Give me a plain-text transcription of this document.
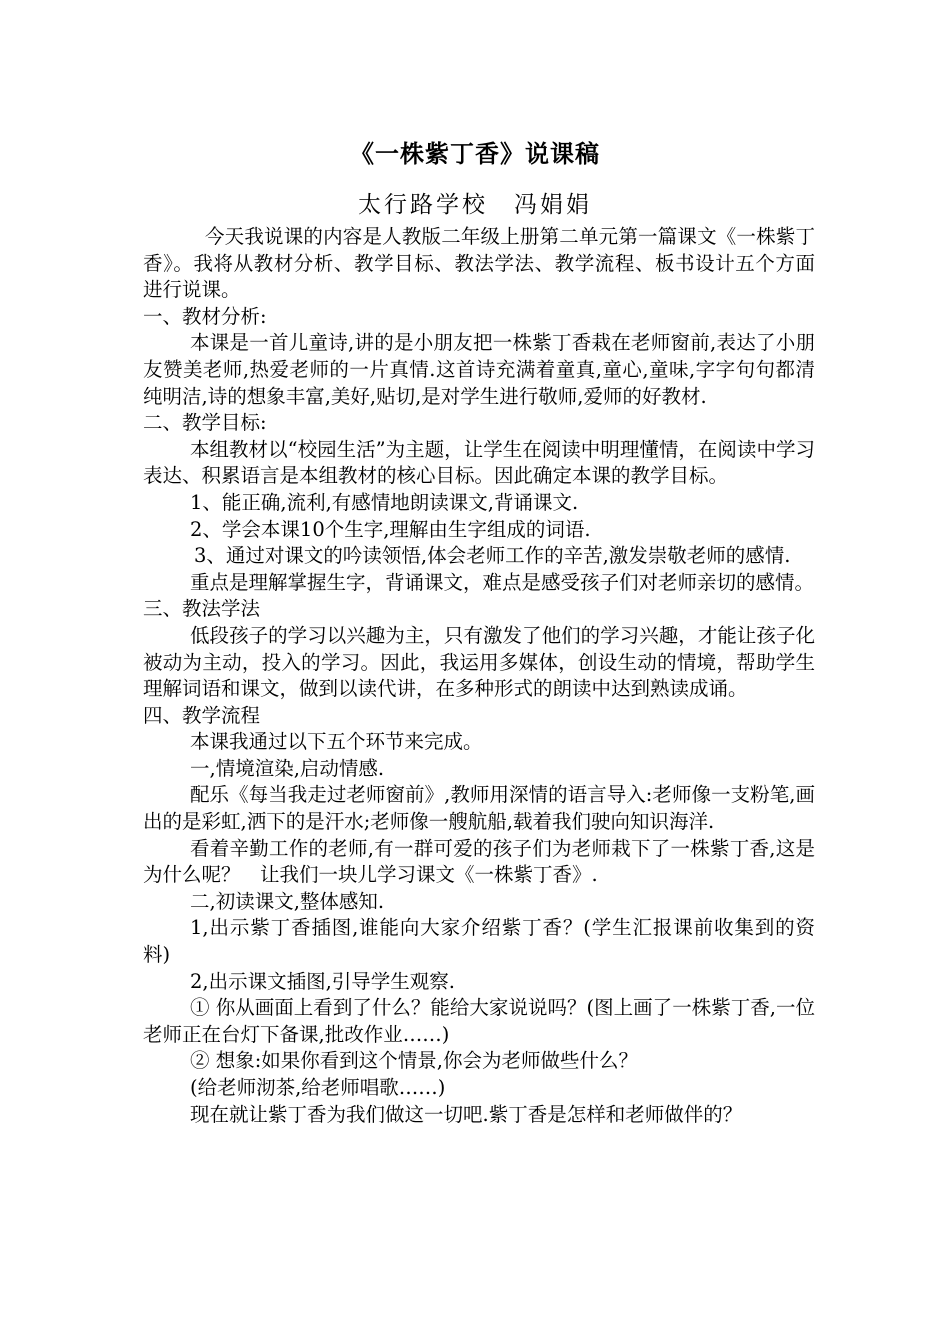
《一株紫丁香》说课稿
太行路学校 冯娟娟

今天我说课的内容是人教版二年级上册第二单元第一篇课文《一株紫丁香》。我将从教材分析、教学目标、教法学法、教学流程、板书设计五个方面进行说课。

一、教材分析:

本课是一首儿童诗,讲的是小朋友把一株紫丁香栽在老师窗前,表达了小朋友赞美老师,热爱老师的一片真情.这首诗充满着童真,童心,童味,字字句句都清纯明洁,诗的想象丰富,美好,贴切,是对学生进行敬师,爱师的好教材.

二、教学目标:

本组教材以“校园生活”为主题，让学生在阅读中明理懂情，在阅读中学习表达、积累语言是本组教材的核心目标。因此确定本课的教学目标。

1、能正确,流利,有感情地朗读课文,背诵课文.

2、学会本课10个生字,理解由生字组成的词语.

3、通过对课文的吟读领悟,体会老师工作的辛苦,激发崇敬老师的感情.

重点是理解掌握生字，背诵课文，难点是感受孩子们对老师亲切的感情。

三、教法学法

低段孩子的学习以兴趣为主，只有激发了他们的学习兴趣，才能让孩子化被动为主动，投入的学习。因此，我运用多媒体，创设生动的情境，帮助学生理解词语和课文，做到以读代讲，在多种形式的朗读中达到熟读成诵。

四、教学流程

本课我通过以下五个环节来完成。

一,情境渲染,启动情感.

配乐《每当我走过老师窗前》,教师用深情的语言导入:老师像一支粉笔,画出的是彩虹,洒下的是汗水;老师像一艘航船,载着我们驶向知识海洋.

看着辛勤工作的老师,有一群可爱的孩子们为老师栽下了一株紫丁香,这是为什么呢？　让我们一块儿学习课文《一株紫丁香》.

二,初读课文,整体感知.

1,出示紫丁香插图,谁能向大家介绍紫丁香？(学生汇报课前收集到的资料)

2,出示课文插图,引导学生观察.

① 你从画面上看到了什么？能给大家说说吗？(图上画了一株紫丁香,一位老师正在台灯下备课,批改作业……)

② 想象:如果你看到这个情景,你会为老师做些什么？

(给老师沏茶,给老师唱歌……)

现在就让紫丁香为我们做这一切吧.紫丁香是怎样和老师做伴的？
